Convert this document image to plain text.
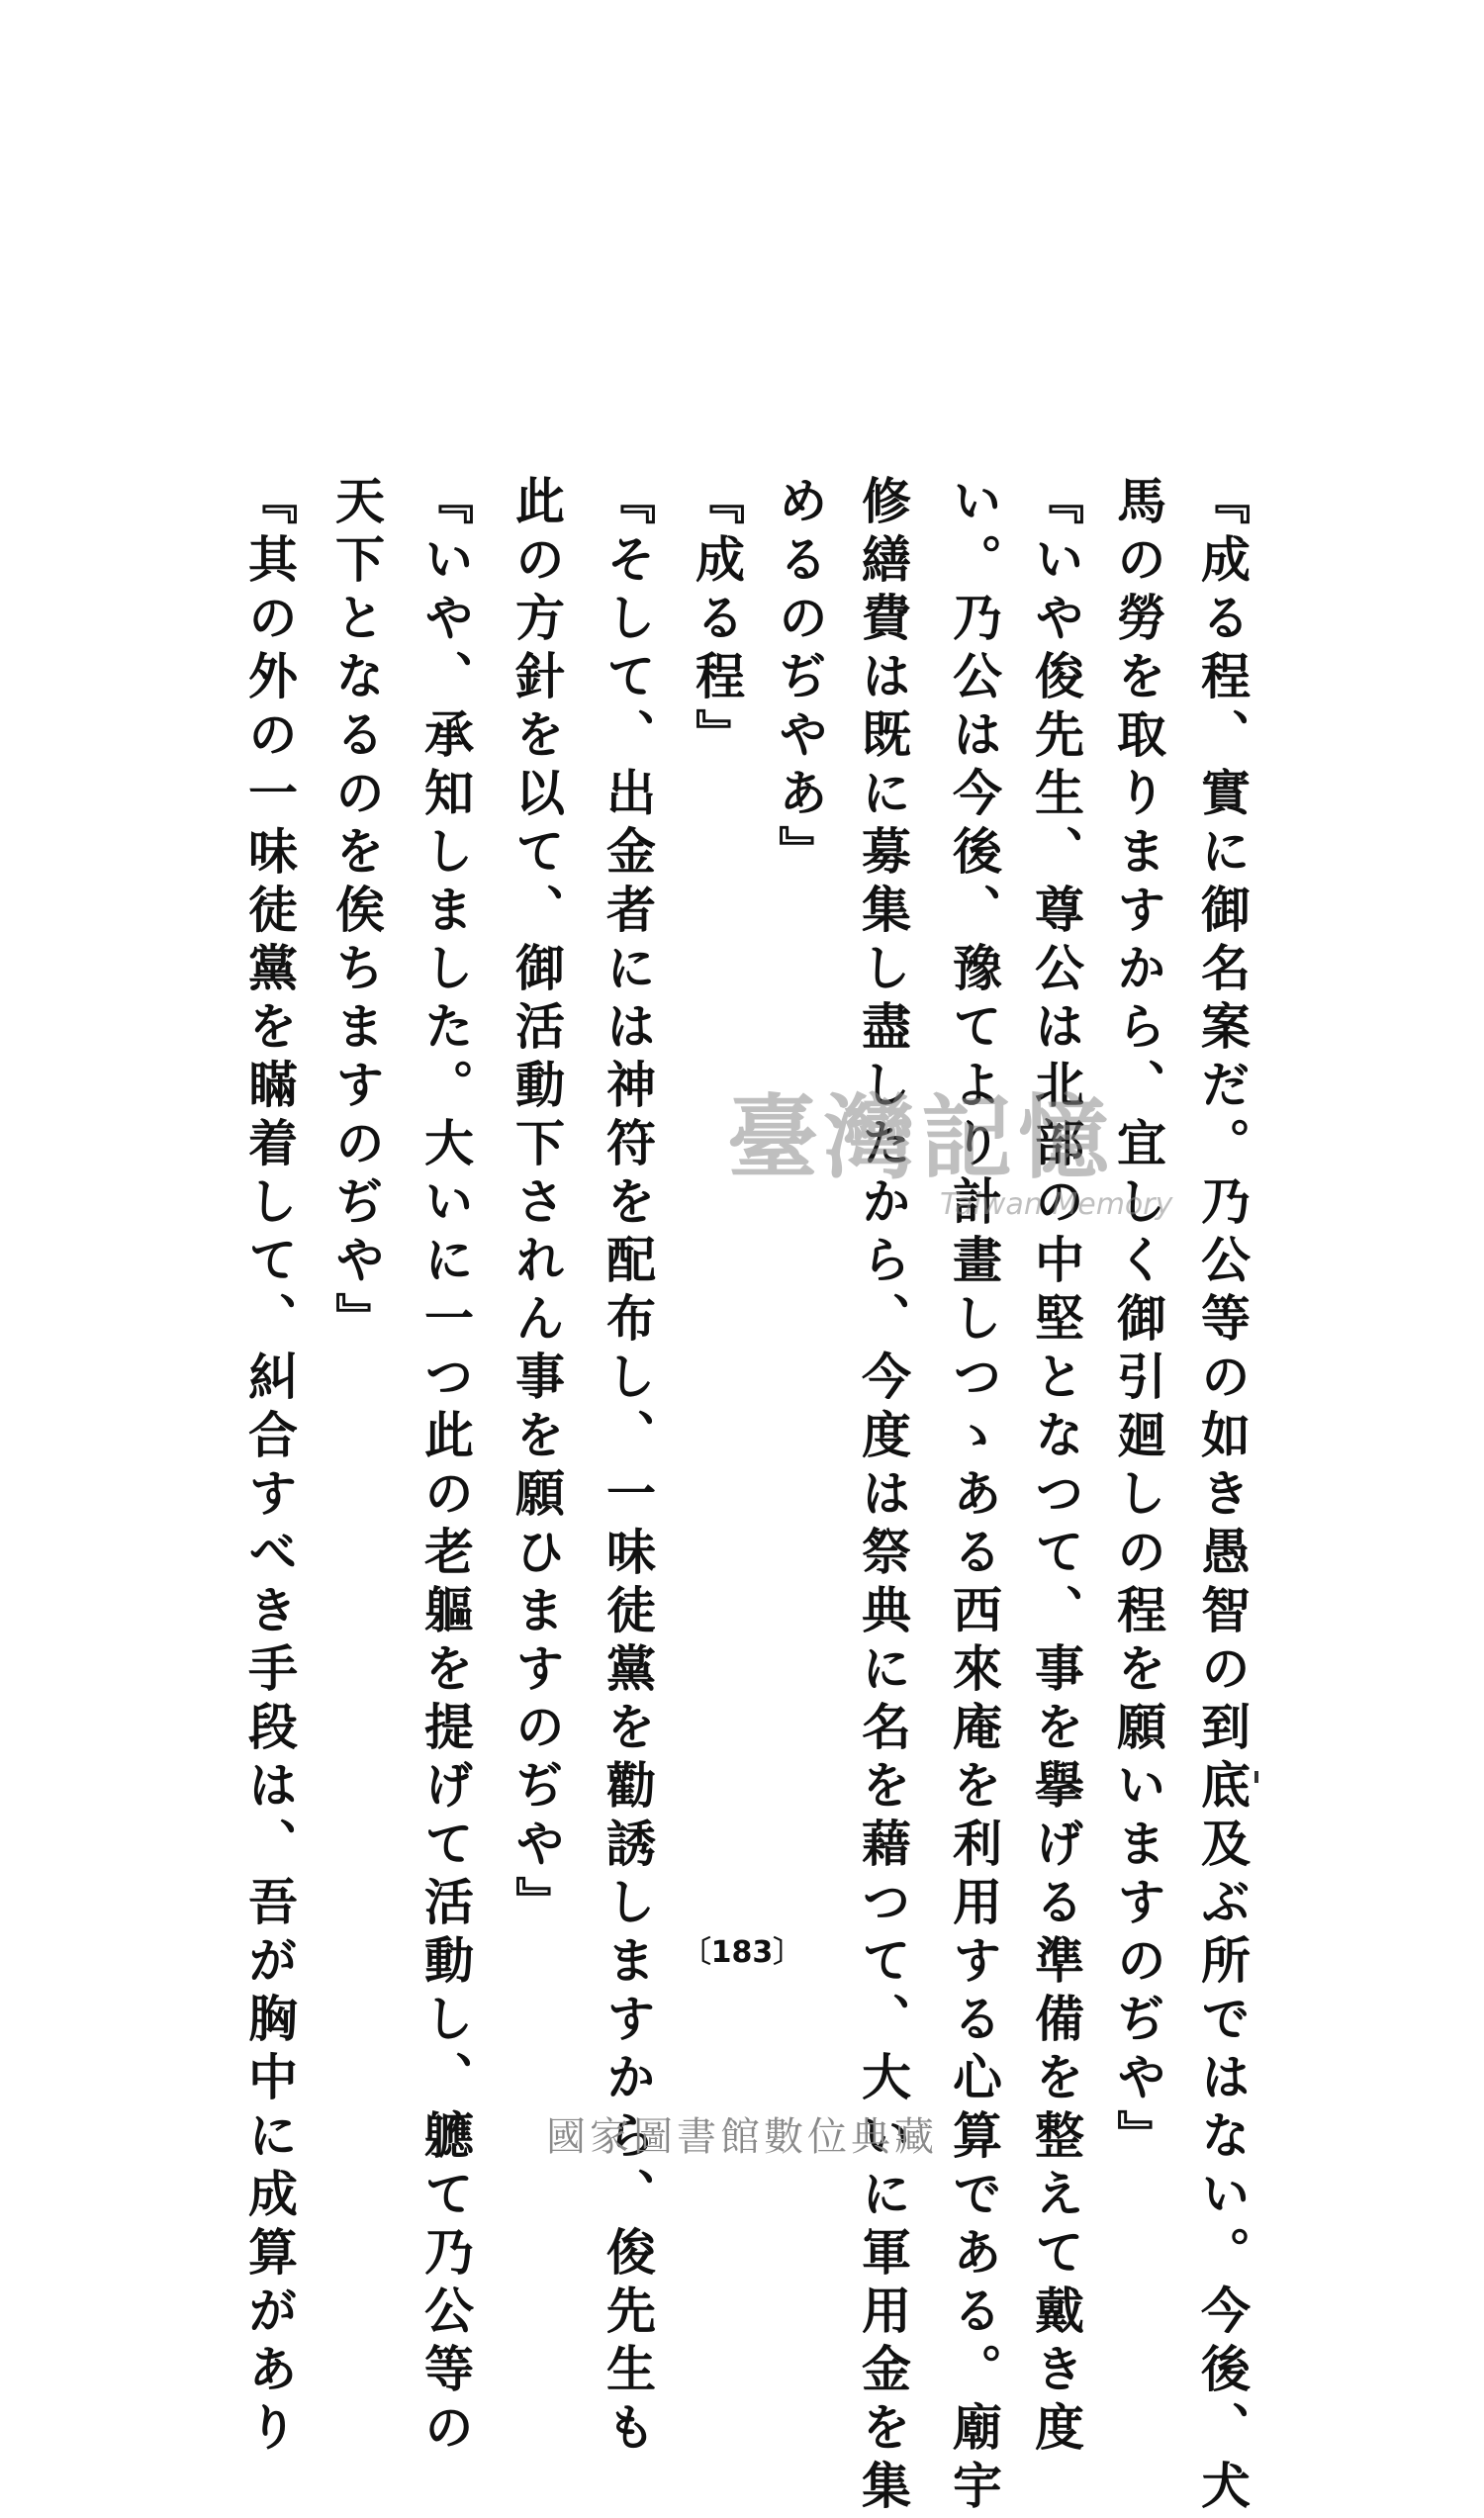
『成る程、實に御名案だ。乃公等の如き愚智の到底及ぶ所ではない。今後、犬
馬の勞を取りますから、宜しく御引廻しの程を願いますのぢや』
『いや俊先生、尊公は北部の中堅となつて、事を擧げる準備を整えて戴き度
い。乃公は今後、豫てより計畫しつゝある西來庵を利用する心算である。廟宇
修繕費は既に募集し盡したから、今度は祭典に名を藉つて、大いに軍用金を集
めるのぢやあ』
『成る程』
『そして、出金者には神符を配布し、一味徒黨を勸誘しますから、俊先生も
此の方針を以て、御活動下されん事を願ひますのぢや』
『いや、承知しました。大いに一つ此の老軀を提げて活動し、軈て乃公等の
天下となるのを俟ちますのぢや』
『其の外の一味徒黨を瞞着して、糾合すべき手段は、吾が胸中に成算があり	臺灣記憶
Taiwan Memory
〔183〕
國家圖書館數位典藏
